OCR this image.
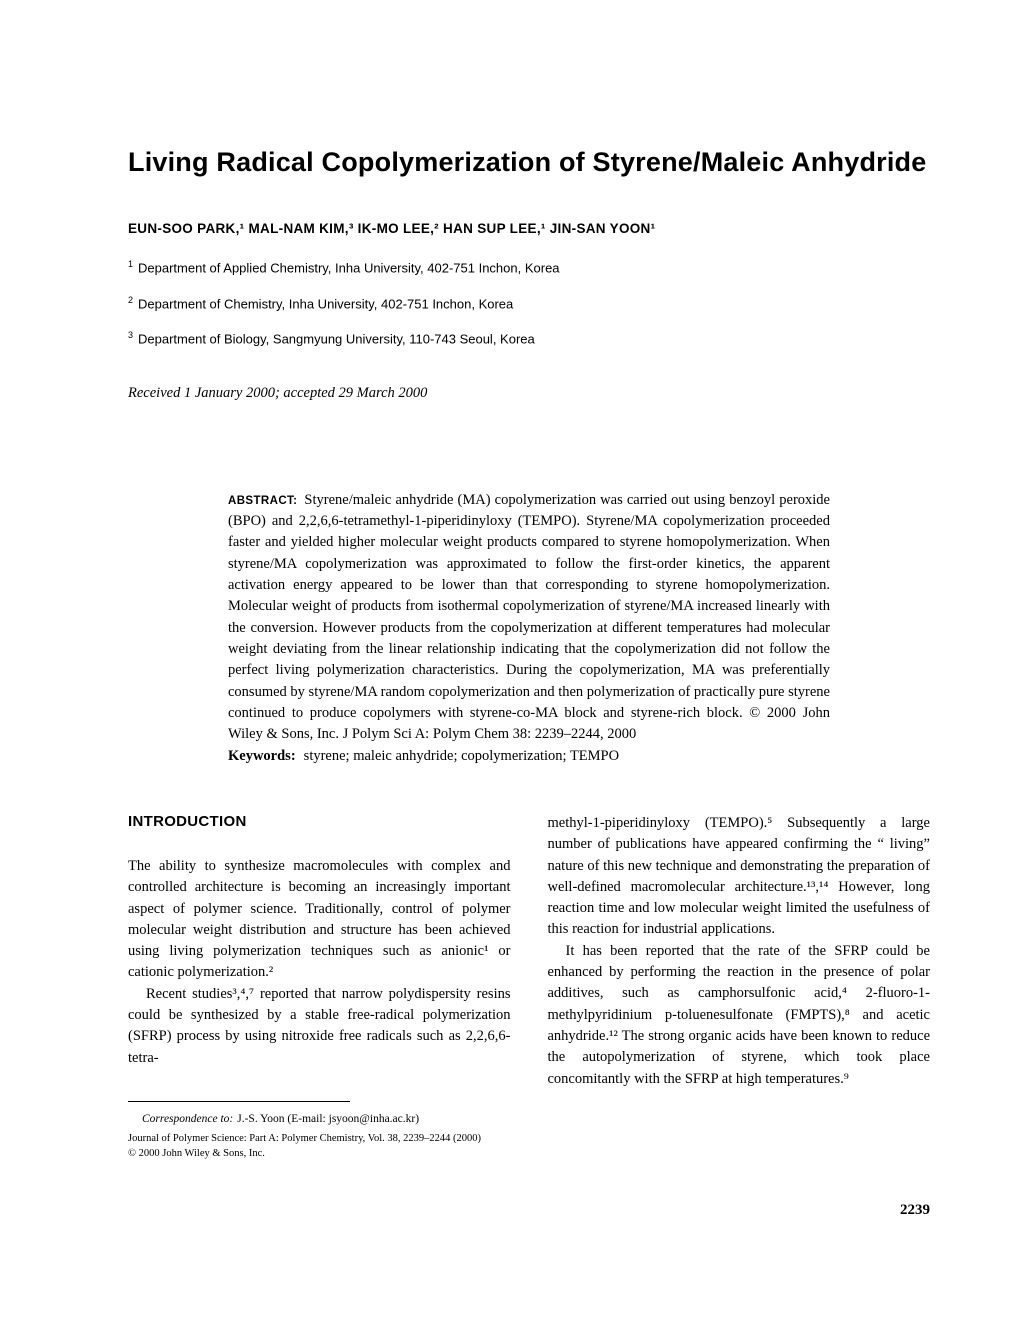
Living Radical Copolymerization of Styrene/Maleic Anhydride
EUN-SOO PARK,¹ MAL-NAM KIM,³ IK-MO LEE,² HAN SUP LEE,¹ JIN-SAN YOON¹
$^1$ Department of Applied Chemistry, Inha University, 402-751 Inchon, Korea
$^2$ Department of Chemistry, Inha University, 402-751 Inchon, Korea
$^3$ Department of Biology, Sangmyung University, 110-743 Seoul, Korea
Received 1 January 2000; accepted 29 March 2000

ABSTRACT: Styrene/maleic anhydride (MA) copolymerization was carried out using benzoyl peroxide (BPO) and 2,2,6,6-tetramethyl-1-piperidinyloxy (TEMPO). Styrene/MA copolymerization proceeded faster and yielded higher molecular weight products compared to styrene homopolymerization. When styrene/MA copolymerization was approximated to follow the first-order kinetics, the apparent activation energy appeared to be lower than that corresponding to styrene homopolymerization. Molecular weight of products from isothermal copolymerization of styrene/MA increased linearly with the conversion. However products from the copolymerization at different temperatures had molecular weight deviating from the linear relationship indicating that the copolymerization did not follow the perfect living polymerization characteristics. During the copolymerization, MA was preferentially consumed by styrene/MA random copolymerization and then polymerization of practically pure styrene continued to produce copolymers with styrene-co-MA block and styrene-rich block. © 2000 John Wiley & Sons, Inc. J Polym Sci A: Polym Chem 38: 2239–2244, 2000

Keywords: styrene; maleic anhydride; copolymerization; TEMPO

INTRODUCTION

The ability to synthesize macromolecules with complex and controlled architecture is becoming an increasingly important aspect of polymer science. Traditionally, control of polymer molecular weight distribution and structure has been achieved using living polymerization techniques such as anionic¹ or cationic polymerization.²

Recent studies³,⁴,⁷ reported that narrow polydispersity resins could be synthesized by a stable free-radical polymerization (SFRP) process by using nitroxide free radicals such as 2,2,6,6-tetra-

Correspondence to: J.-S. Yoon (E-mail: jsyoon@inha.ac.kr)

Journal of Polymer Science: Part A: Polymer Chemistry, Vol. 38, 2239–2244 (2000)

© 2000 John Wiley & Sons, Inc.

methyl-1-piperidinyloxy (TEMPO).⁵ Subsequently a large number of publications have appeared confirming the “ living” nature of this new technique and demonstrating the preparation of well-defined macromolecular architecture.¹³,¹⁴ However, long reaction time and low molecular weight limited the usefulness of this reaction for industrial applications.

It has been reported that the rate of the SFRP could be enhanced by performing the reaction in the presence of polar additives, such as camphorsulfonic acid,⁴ 2-fluoro-1-methylpyridinium p-toluenesulfonate (FMPTS),⁸ and acetic anhydride.¹² The strong organic acids have been known to reduce the autopolymerization of styrene, which took place concomitantly with the SFRP at high temperatures.⁹

2239
